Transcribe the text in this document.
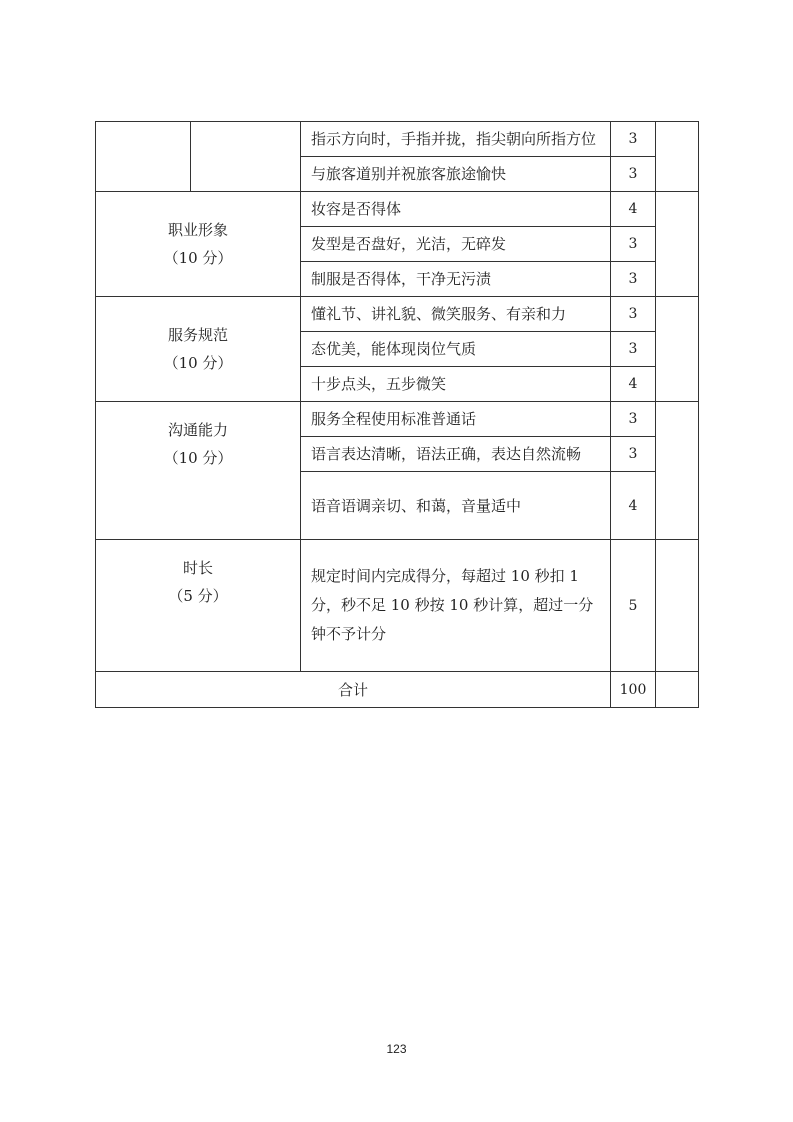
		指示方向时，手指并拢，指尖朝向所指方位	3	
		与旅客道别并祝旅客旅途愉快	3	

职业形象
（10 分）		妆容是否得体	4	
		发型是否盘好，光洁，无碎发	3	
		制服是否得体，干净无污渍	3	

服务规范
（10 分）		懂礼节、讲礼貌、微笑服务、有亲和力	3	
		态优美，能体现岗位气质	3	
		十步点头，五步微笑	4	

沟通能力
（10 分）		服务全程使用标准普通话	3	
		语言表达清晰，语法正确，表达自然流畅	3	
		语音语调亲切、和蔼，音量适中	4	

时长
（5 分）		规定时间内完成得分，每超过 10 秒扣 1 分，秒不足 10 秒按 10 秒计算，超过一分钟不予计分	5	
合计			100	
123
